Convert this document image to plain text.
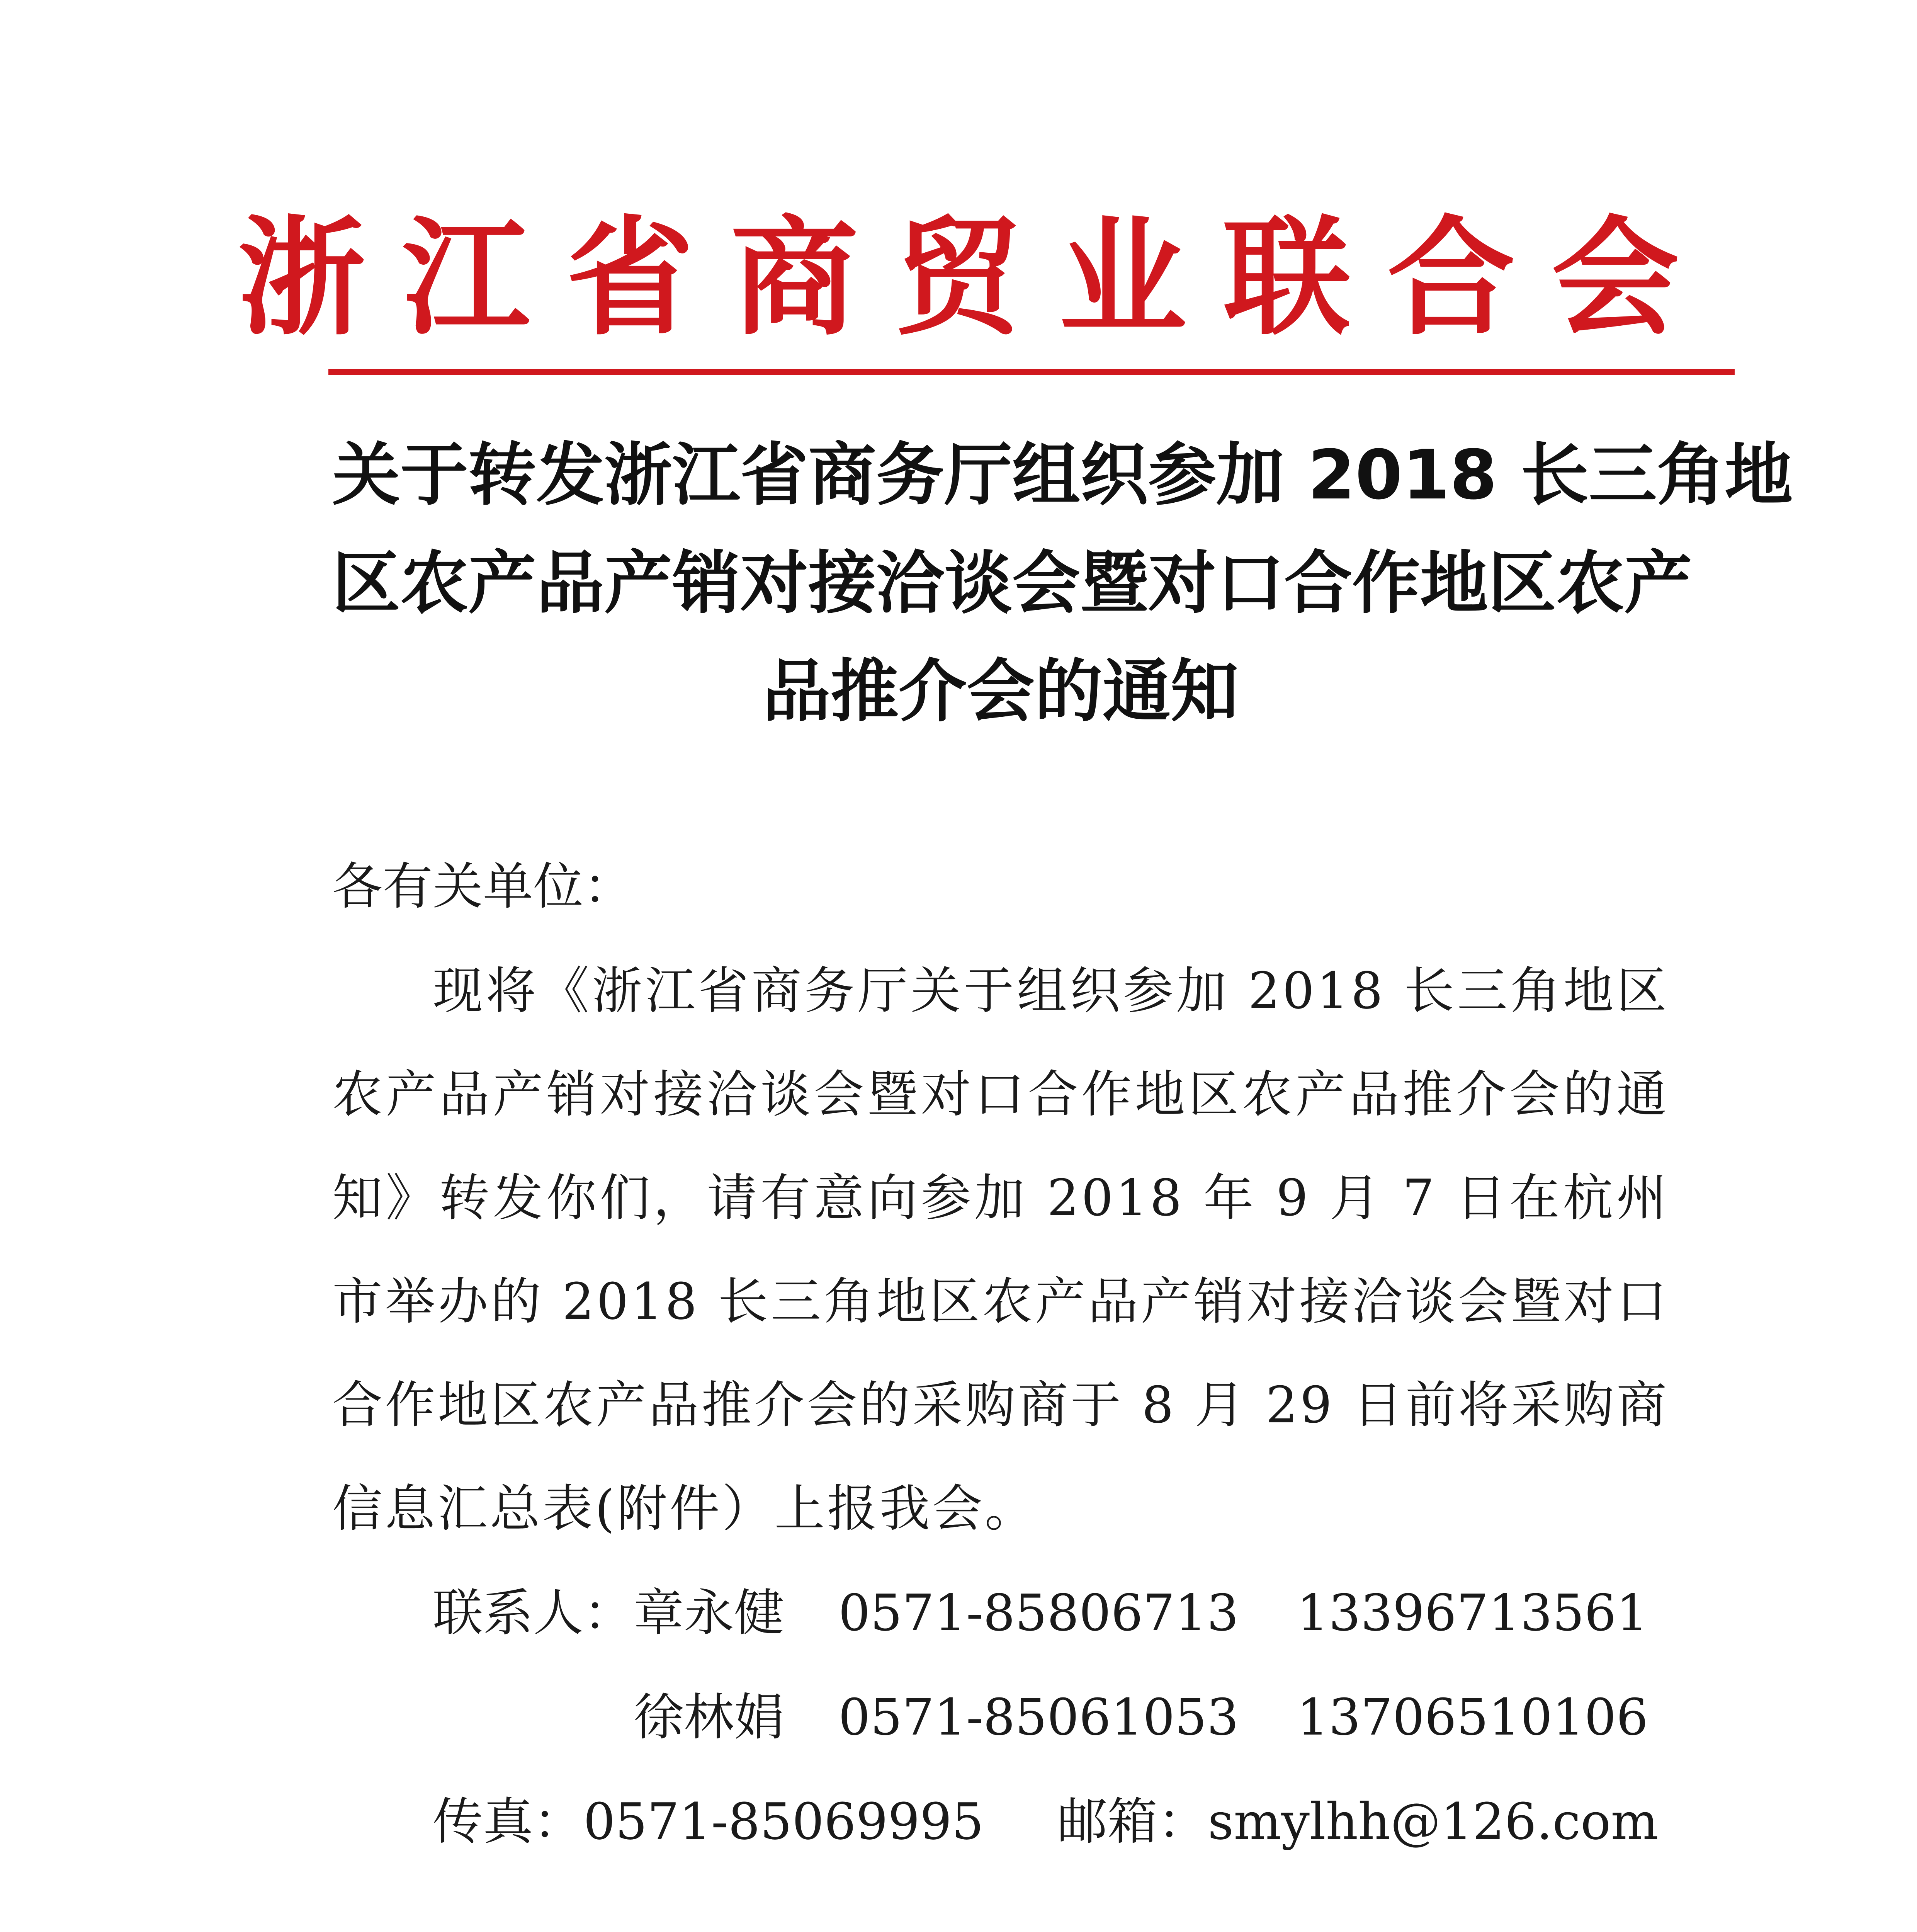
浙江省商贸业联合会
关于转发浙江省商务厅组织参加 2018 长三角地
区农产品产销对接洽谈会暨对口合作地区农产
品推介会的通知
各有关单位：
现将《浙江省商务厅关于组织参加 2018 长三角地区农产品产销对接洽谈会暨对口合作地区农产品推介会的通知》转发你们，请有意向参加 2018 年 9 月 7 日在杭州市举办的 2018 长三角地区农产品产销对接洽谈会暨对口合作地区农产品推介会的采购商于 8 月 29 日前将采购商信息汇总表(附件）上报我会。
联系人：章永健 0571-85806713 13396713561
徐林娟 0571-85061053 13706510106
传真：0571-85069995 邮箱：smylhh@126.com
